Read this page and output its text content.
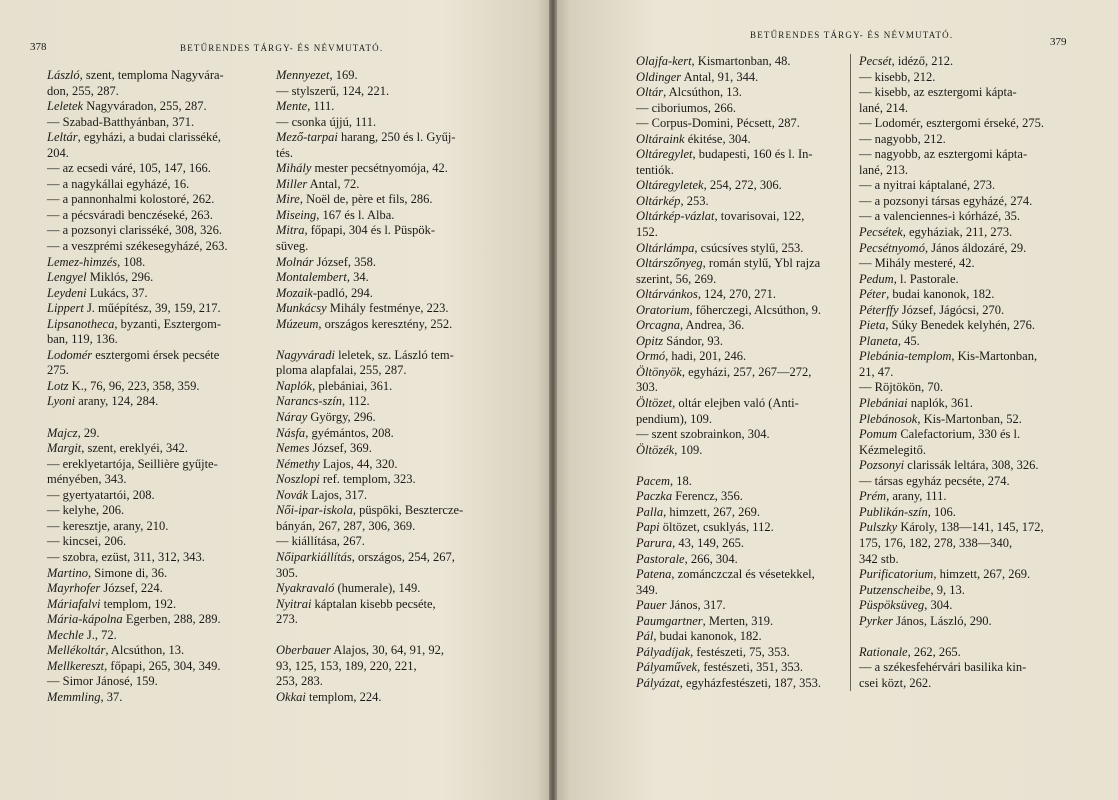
378	BETŰRENDES TÁRGY- ÉS NÉVMUTATÓ.
László, szent, temploma Nagyvára-
don, 255, 287.
Leletek Nagyváradon, 255, 287.
— Szabad-Batthyánban, 371.
Leltár, egyházi, a budai clarisséké,
204.
— az ecsedi váré, 105, 147, 166.
— a nagykállai egyházé, 16.
— a pannonhalmi kolostoré, 262.
— a pécsváradi benczéseké, 263.
— a pozsonyi clarisséké, 308, 326.
— a veszprémi székesegyházé, 263.
Lemez-himzés, 108.
Lengyel Miklós, 296.
Leydeni Lukács, 37.
Lippert J. műépítész, 39, 159, 217.
Lipsanotheca, byzanti, Esztergom-
ban, 119, 136.
Lodomér esztergomi érsek pecséte
275.
Lotz K., 76, 96, 223, 358, 359.
Lyoni arany, 124, 284.
Majcz, 29.
Margit, szent, ereklyéi, 342.
— ereklyetartója, Seillière gyűjte-
ményében, 343.
— gyertyatartói, 208.
— kelyhe, 206.
— keresztje, arany, 210.
— kincsei, 206.
— szobra, ezüst, 311, 312, 343.
Martino, Simone di, 36.
Mayrhofer József, 224.
Máriafalvi templom, 192.
Mária-kápolna Egerben, 288, 289.
Mechle J., 72.
Mellékoltár, Alcsúthon, 13.
Mellkereszt, főpapi, 265, 304, 349.
— Simor Jánosé, 159.
Memmling, 37.
Mennyezet, 169.
— stylszerű, 124, 221.
Mente, 111.
— csonka újjú, 111.
Mező-tarpai harang, 250 és l. Gyűj-
tés.
Mihály mester pecsétnyomója, 42.
Miller Antal, 72.
Mire, Noël de, père et fils, 286.
Miseing, 167 és l. Alba.
Mitra, főpapi, 304 és l. Püspök-
süveg.
Molnár József, 358.
Montalembert, 34.
Mozaik-padló, 294.
Munkácsy Mihály festménye, 223.
Múzeum, országos keresztény, 252.
Nagyváradi leletek, sz. László tem-
ploma alapfalai, 255, 287.
Naplók, plebániai, 361.
Narancs-szín, 112.
Náray György, 296.
Násfa, gyémántos, 208.
Nemes József, 369.
Némethy Lajos, 44, 320.
Noszlopi ref. templom, 323.
Novák Lajos, 317.
Női-ipar-iskola, püspöki, Beszterczе-
bányán, 267, 287, 306, 369.
— kiállítása, 267.
Nőiparkiállítás, országos, 254, 267,
305.
Nyakravaló (humerale), 149.
Nyitrai káptalan kisebb pecséte,
273.
Oberbauer Alajos, 30, 64, 91, 92,
93, 125, 153, 189, 220, 221,
253, 283.
Okkai templom, 224.
BETŰRENDES TÁRGY- ÉS NÉVMUTATÓ.
379
Olajfa-kert, Kismartonban, 48.
Oldinger Antal, 91, 344.
Oltár, Alcsúthon, 13.
— ciboriumos, 266.
— Corpus-Domini, Pécsett, 287.
Oltáraink ékitése, 304.
Oltáregylet, budapesti, 160 és l. In-
tentiók.
Oltáregyletek, 254, 272, 306.
Oltárkép, 253.
Oltárkép-vázlat, tovarisovai, 122,
152.
Oltárlámpa, csúcsíves stylű, 253.
Oltárszőnyeg, román stylű, Ybl rajza
szerint, 56, 269.
Oltárvánkos, 124, 270, 271.
Oratorium, főherczegi, Alcsúthon, 9.
Orcagna, Andrea, 36.
Opitz Sándor, 93.
Ormó, hadi, 201, 246.
Öltönyök, egyházi, 257, 267—272,
303.
Öltözet, oltár elejben való (Anti-
pendium), 109.
— szent szobrainkon, 304.
Öltözék, 109.
Pacem, 18.
Paczka Ferencz, 356.
Palla, himzett, 267, 269.
Papi öltözet, csuklyás, 112.
Parura, 43, 149, 265.
Pastorale, 266, 304.
Patena, zománczczal és vésetekkel,
349.
Pauer János, 317.
Paumgartner, Merten, 319.
Pál, budai kanonok, 182.
Pályadíjak, festészeti, 75, 353.
Pályaművek, festészeti, 351, 353.
Pályázat, egyházfestészeti, 187, 353.
Pecsét, idéző, 212.
— kisebb, 212.
— kisebb, az esztergomi kápta-
lané, 214.
— Lodomér, esztergomi érseké, 275.
— nagyobb, 212.
— nagyobb, az esztergomi kápta-
lané, 213.
— a nyitrai káptalané, 273.
— a pozsonyi társas egyházé, 274.
— a valenciennes-i kórházé, 35.
Pecsétek, egyháziak, 211, 273.
Pecsétnyomó, János áldozáré, 29.
— Mihály mesteré, 42.
Pedum, l. Pastorale.
Péter, budai kanonok, 182.
Péterffy József, Jágócsi, 270.
Pieta, Súky Benedek kelyhén, 276.
Planeta, 45.
Plebánia-templom, Kis-Martonban,
21, 47.
— Röjtökön, 70.
Plebániai naplók, 361.
Plebánosok, Kis-Martonban, 52.
Pomum Calefactorium, 330 és l.
Kézmelegitő.
Pozsonyi clarissák leltára, 308, 326.
— társas egyház pecséte, 274.
Prém, arany, 111.
Publikán-szín, 106.
Pulszky Károly, 138—141, 145, 172,
175, 176, 182, 278, 338—340,
342 stb.
Purificatorium, himzett, 267, 269.
Putzenscheibe, 9, 13.
Püspöksüveg, 304.
Pyrker János, László, 290.
Rationale, 262, 265.
— a székesfehérvári basilika kin-
csei közt, 262.
